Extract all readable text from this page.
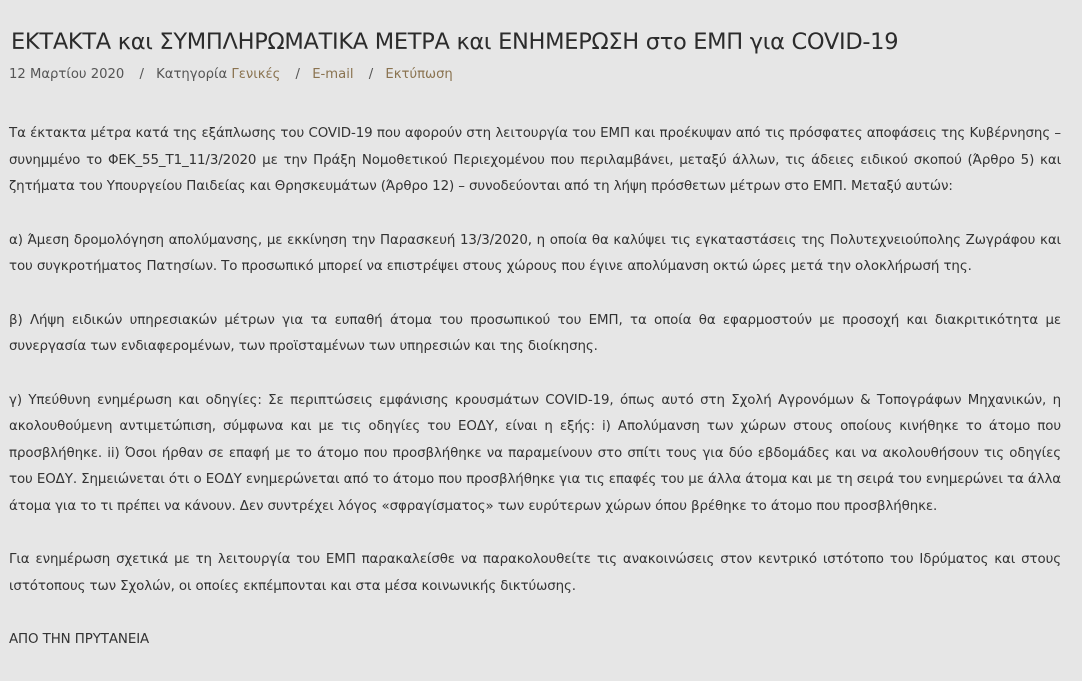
ΕΚΤΑΚΤΑ και ΣΥΜΠΛΗΡΩΜΑΤΙΚΑ ΜΕΤΡΑ και ΕΝΗΜΕΡΩΣΗ στο ΕΜΠ για COVID-19
12 Μαρτίου 2020 / Κατηγορία Γενικές / E-mail / Εκτύπωση

Τα έκτακτα μέτρα κατά της εξάπλωσης του COVID-19 που αφορούν στη λειτουργία του ΕΜΠ και προέκυψαν από τις πρόσφατες αποφάσεις της Κυβέρνησης – συνημμένο το ΦΕΚ_55_Τ1_11/3/2020 με την Πράξη Νομοθετικού Περιεχομένου που περιλαμβάνει, μεταξύ άλλων, τις άδειες ειδικού σκοπού (Άρθρο 5) και ζητήματα του Υπουργείου Παιδείας και Θρησκευμάτων (Άρθρο 12) – συνοδεύονται από τη λήψη πρόσθετων μέτρων στο ΕΜΠ. Μεταξύ αυτών:

α) Άμεση δρομολόγηση απολύμανσης, με εκκίνηση την Παρασκευή 13/3/2020, η οποία θα καλύψει τις εγκαταστάσεις της Πολυτεχνειούπολης Ζωγράφου και του συγκροτήματος Πατησίων. Το προσωπικό μπορεί να επιστρέψει στους χώρους που έγινε απολύμανση οκτώ ώρες μετά την ολοκλήρωσή της.

β) Λήψη ειδικών υπηρεσιακών μέτρων για τα ευπαθή άτομα του προσωπικού του ΕΜΠ, τα οποία θα εφαρμοστούν με προσοχή και διακριτικότητα με συνεργασία των ενδιαφερομένων, των προϊσταμένων των υπηρεσιών και της διοίκησης.

γ) Υπεύθυνη ενημέρωση και οδηγίες: Σε περιπτώσεις εμφάνισης κρουσμάτων COVID-19, όπως αυτό στη Σχολή Αγρονόμων & Τοπογράφων Μηχανικών, η ακολουθούμενη αντιμετώπιση, σύμφωνα και με τις οδηγίες του ΕΟΔΥ, είναι η εξής: i) Απολύμανση των χώρων στους οποίους κινήθηκε το άτομο που προσβλήθηκε. ii) Όσοι ήρθαν σε επαφή με το άτομο που προσβλήθηκε να παραμείνουν στο σπίτι τους για δύο εβδομάδες και να ακολουθήσουν τις οδηγίες του ΕΟΔΥ. Σημειώνεται ότι ο ΕΟΔΥ ενημερώνεται από το άτομο που προσβλήθηκε για τις επαφές του με άλλα άτομα και με τη σειρά του ενημερώνει τα άλλα άτομα για το τι πρέπει να κάνουν. Δεν συντρέχει λόγος «σφραγίσματος» των ευρύτερων χώρων όπου βρέθηκε το άτομο που προσβλήθηκε.

Για ενημέρωση σχετικά με τη λειτουργία του ΕΜΠ παρακαλείσθε να παρακολουθείτε τις ανακοινώσεις στον κεντρικό ιστότοπο του Ιδρύματος και στους ιστότοπους των Σχολών, οι οποίες εκπέμπονται και στα μέσα κοινωνικής δικτύωσης.

ΑΠΟ ΤΗΝ ΠΡΥΤΑΝΕΙΑ
